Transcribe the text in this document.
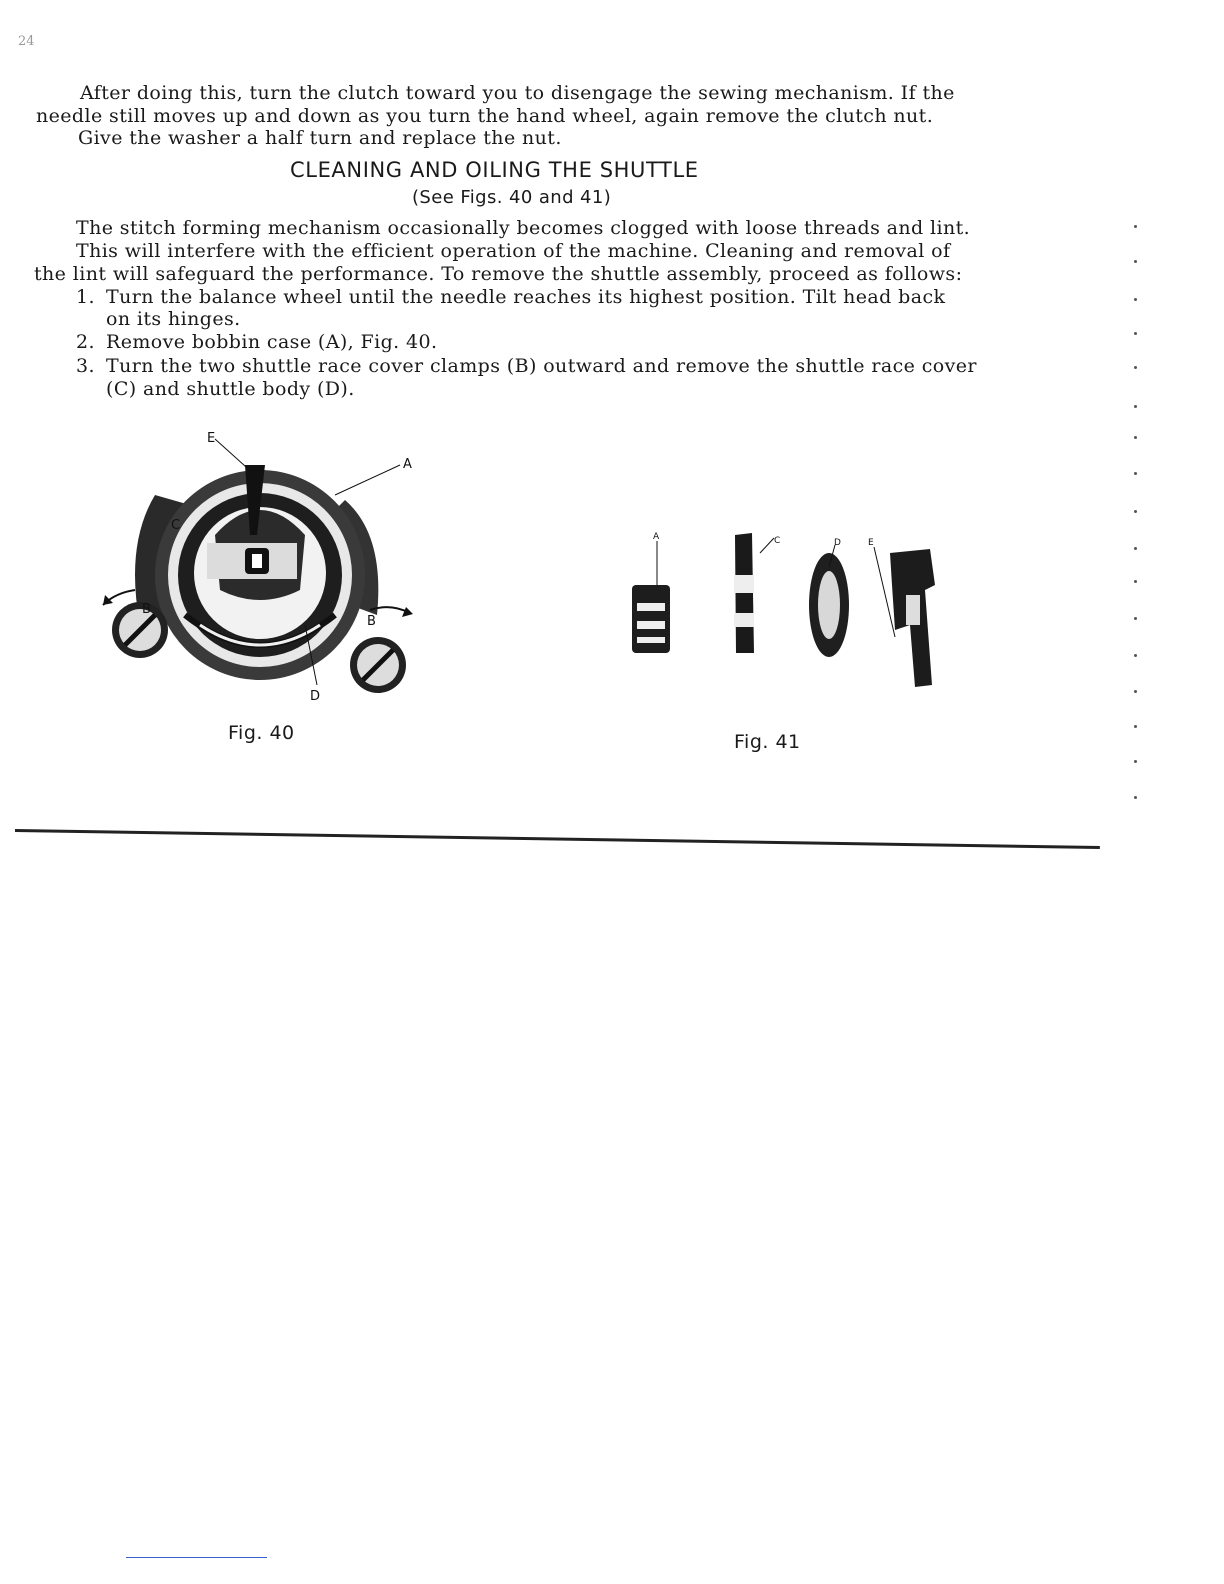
24
After doing this, turn the clutch toward you to disengage the sewing mechanism. If the
needle still moves up and down as you turn the hand wheel, again remove the clutch nut.
Give the washer a half turn and replace the nut.
CLEANING AND OILING THE SHUTTLE
(See Figs. 40 and 41)
The stitch forming mechanism occasionally becomes clogged with loose threads and lint.
This will interfere with the efficient operation of the machine. Cleaning and removal of
the lint will safeguard the performance. To remove the shuttle assembly, proceed as follows:
1. Turn the balance wheel until the needle reaches its highest position. Tilt head back
on its hinges.
2. Remove bobbin case (A), Fig. 40.
3. Turn the two shuttle race cover clamps (B) outward and remove the shuttle race cover
(C) and shuttle body (D).
E
A
C
B
B
D
Fig. 40
A	C	D	E
Fig. 41
